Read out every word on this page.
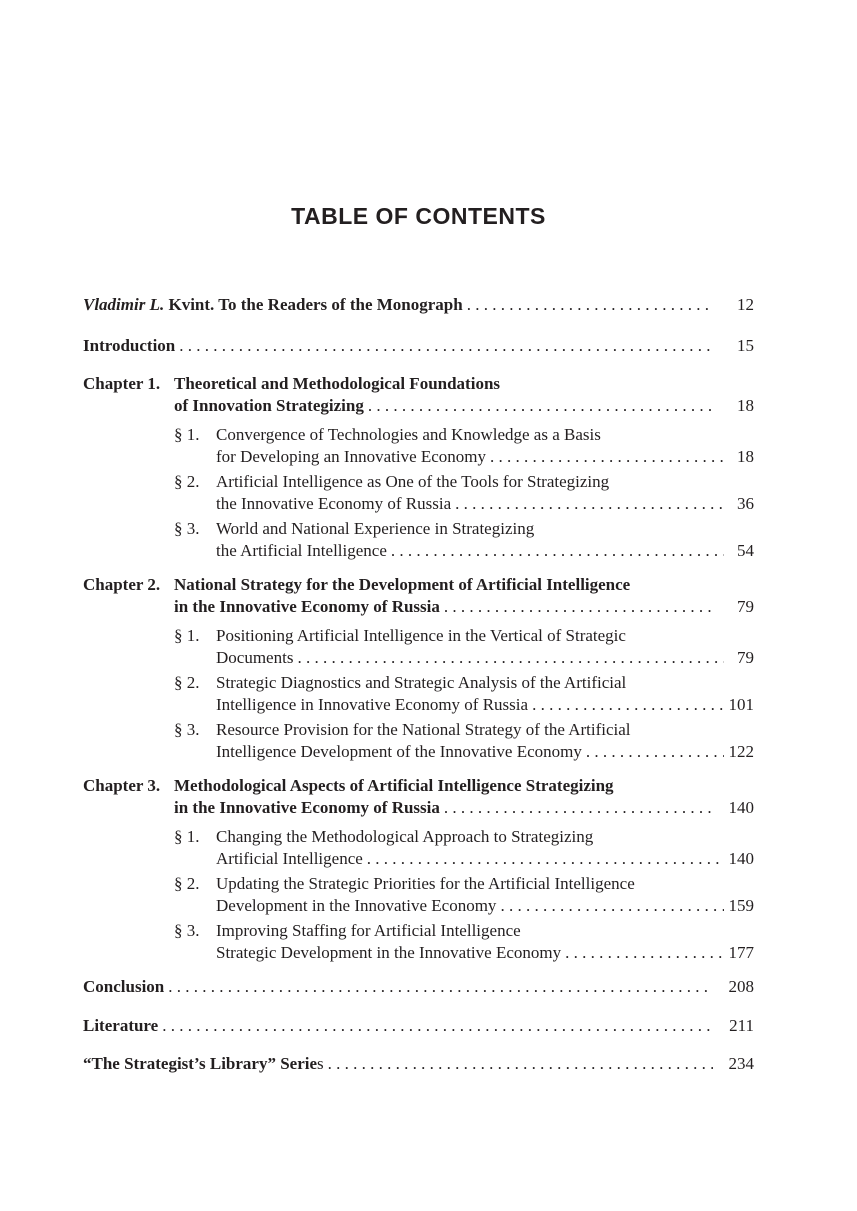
TABLE OF CONTENTS
Vladimir L. Kvint. To the Readers of the Monograph . . .	12
Introduction . . .	15
Chapter 1. Theoretical and Methodological Foundations
of Innovation Strategizing . . .	18
§ 1. Convergence of Technologies and Knowledge as a Basis
for Developing an Innovative Economy . . .	18
§ 2. Artificial Intelligence as One of the Tools for Strategizing
the Innovative Economy of Russia . . .	36
§ 3. World and National Experience in Strategizing
the Artificial Intelligence . . .	54
Chapter 2. National Strategy for the Development of Artificial Intelligence
in the Innovative Economy of Russia . . .	79
§ 1. Positioning Artificial Intelligence in the Vertical of Strategic
Documents . . .	79
§ 2. Strategic Diagnostics and Strategic Analysis of the Artificial
Intelligence in Innovative Economy of Russia . . .	101
§ 3. Resource Provision for the National Strategy of the Artificial
Intelligence Development of the Innovative Economy . . .	122
Chapter 3. Methodological Aspects of Artificial Intelligence Strategizing
in the Innovative Economy of Russia . . .	140
§ 1. Changing the Methodological Approach to Strategizing
Artificial Intelligence . . .	140
§ 2. Updating the Strategic Priorities for the Artificial Intelligence
Development in the Innovative Economy . . .	159
§ 3. Improving Staffing for Artificial Intelligence
Strategic Development in the Innovative Economy . . .	177
Conclusion . . .	208
Literature . . .	211
“The Strategist’s Library” Series . . .	234
